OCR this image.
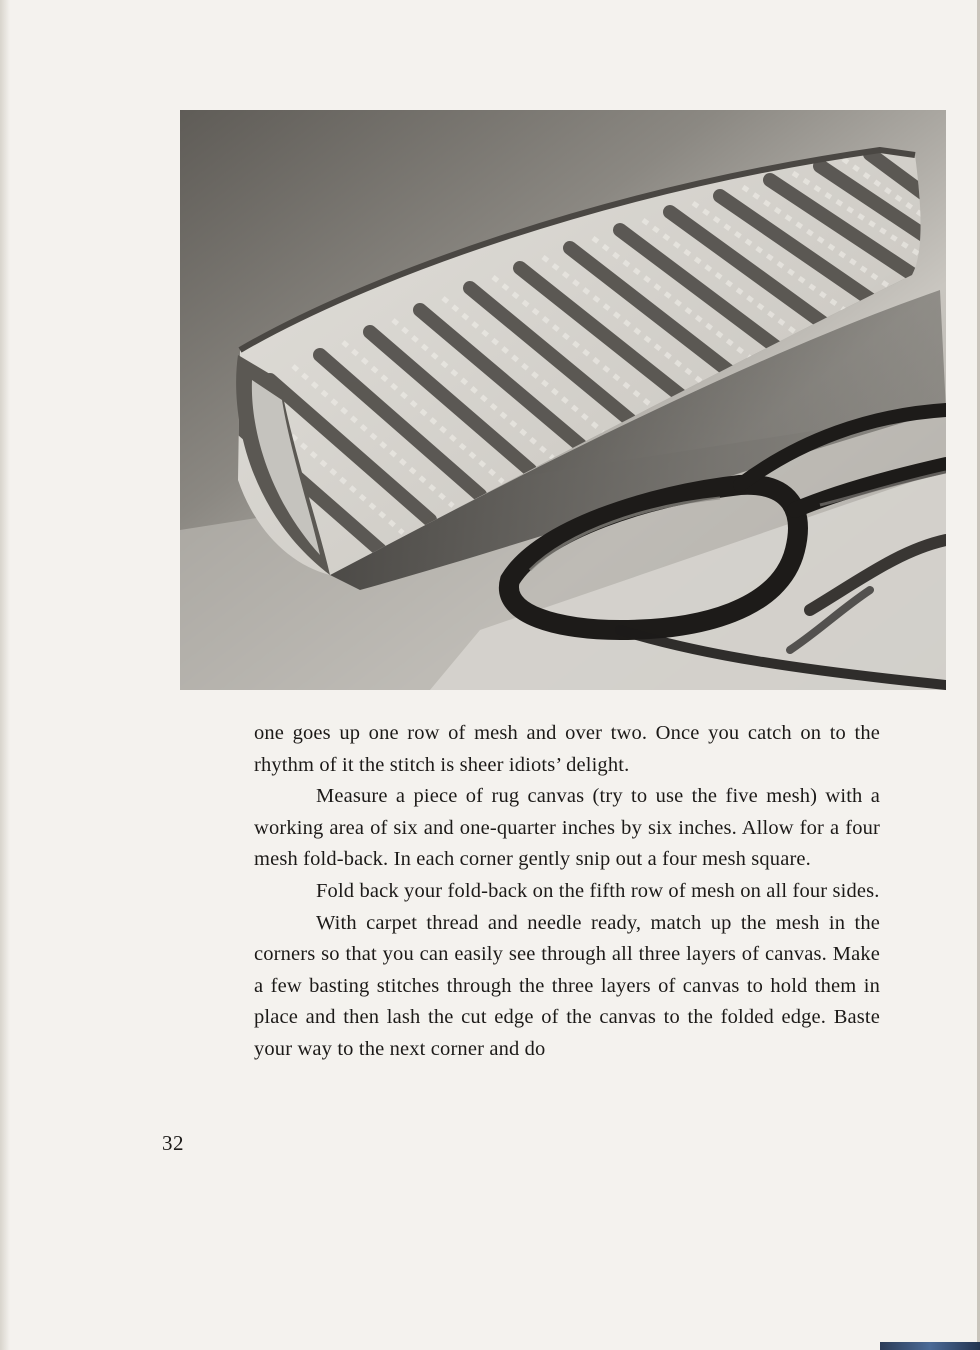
one goes up one row of mesh and over two. Once you catch on to the rhythm of it the stitch is sheer idiots’ delight.

Measure a piece of rug canvas (try to use the five mesh) with a working area of six and one-quarter inches by six inches. Allow for a four mesh fold-back. In each corner gently snip out a four mesh square.

Fold back your fold-back on the fifth row of mesh on all four sides.

With carpet thread and needle ready, match up the mesh in the corners so that you can easily see through all three layers of canvas. Make a few basting stitches through the three layers of canvas to hold them in place and then lash the cut edge of the canvas to the folded edge. Baste your way to the next corner and do

32
